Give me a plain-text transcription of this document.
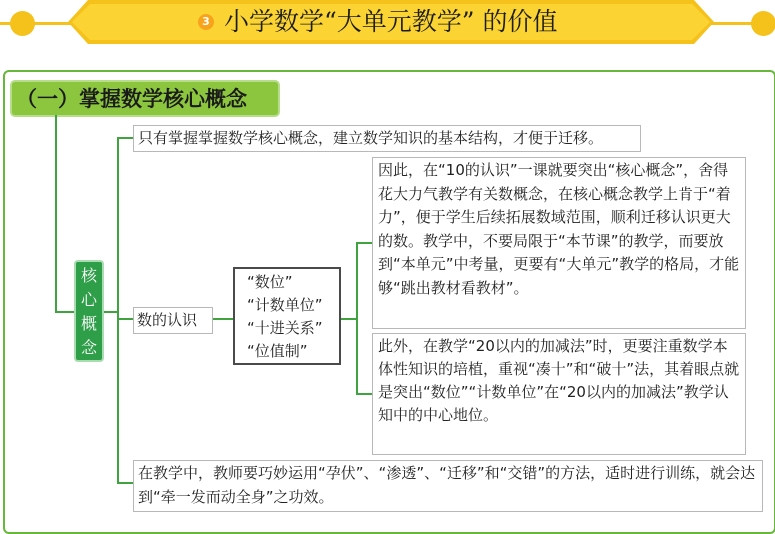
3 小学数学“大单元教学” 的价值
（一）掌握数学核心概念
核
心
概
念
只有掌握掌握数学核心概念，建立数学知识的基本结构，才便于迁移。
数的认识
在教学中，教师要巧妙运用“孕伏”、“渗透”、“迁移”和“交错”的方法，适时进行训练，就会达到“牵一发而动全身”之功效。
“数位”
“计数单位”
“十进关系”
“位值制”
因此，在“10的认识”一课就要突出“核心概念”，舍得花大力气教学有关数概念，在核心概念教学上肯于“着力”，便于学生后续拓展数域范围，顺利迁移认识更大的数。教学中，不要局限于“本节课”的教学，而要放到“本单元”中考量，更要有“大单元”教学的格局，才能够“跳出教材看教材”。
此外，在教学“20以内的加减法”时，更要注重数学本体性知识的培植，重视“凑十”和“破十”法，其着眼点就是突出“数位”“计数单位”在“20以内的加减法”教学认知中的中心地位。
